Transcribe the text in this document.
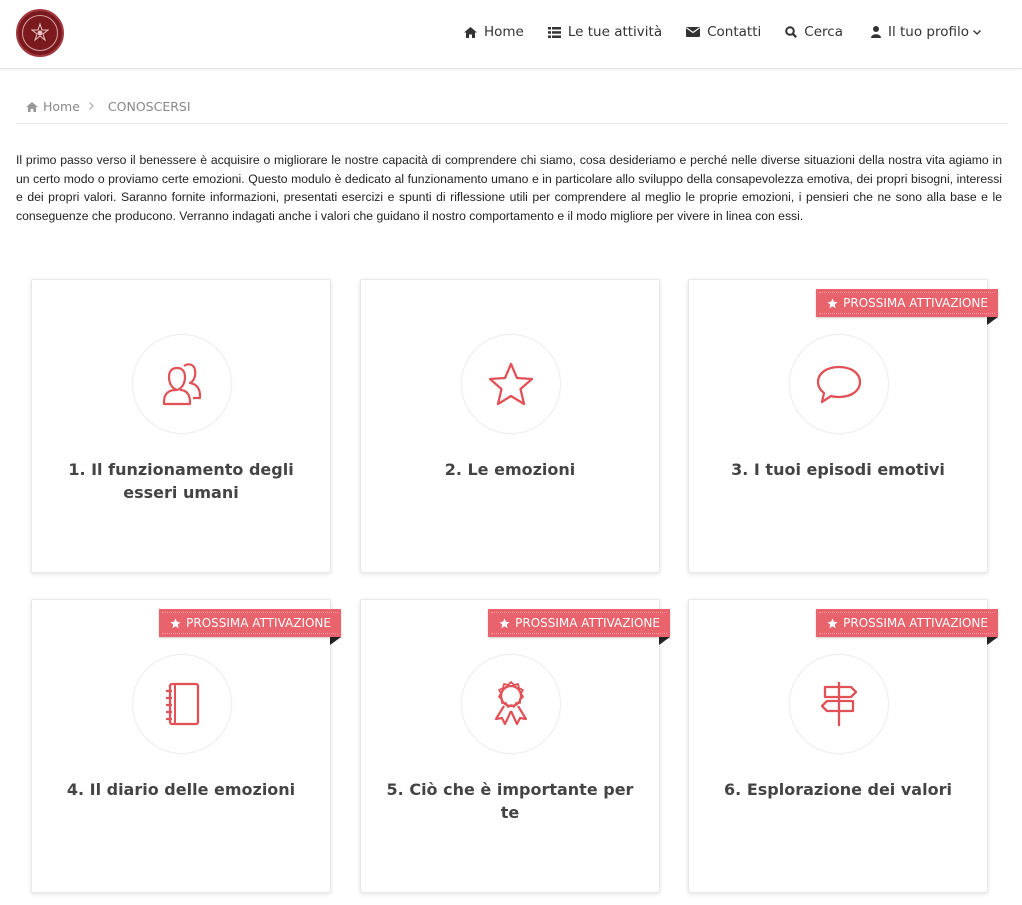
Home	Le tue attività	Contatti	Cerca	Il tuo profilo
Home CONOSCERSI

Il primo passo verso il benessere è acquisire o migliorare le nostre capacità di comprendere chi siamo, cosa desideriamo e perché nelle diverse situazioni della nostra vita agiamo in un certo modo o proviamo certe emozioni. Questo modulo è dedicato al funzionamento umano e in particolare allo sviluppo della consapevolezza emotiva, dei propri bisogni, interessi e dei propri valori. Saranno fornite informazioni, presentati esercizi e spunti di riflessione utili per comprendere al meglio le proprie emozioni, i pensieri che ne sono alla base e le conseguenze che producono. Verranno indagati anche i valori che guidano il nostro comportamento e il modo migliore per vivere in linea con essi.

1. Il funzionamento degli esseri umani
2. Le emozioni	3. I tuoi episodi emotivi
PROSSIMA ATTIVAZIONE
4. Il diario delle emozioni
PROSSIMA ATTIVAZIONE
5. Ciò che è importante per te
PROSSIMA ATTIVAZIONE
6. Esplorazione dei valori
PROSSIMA ATTIVAZIONE
